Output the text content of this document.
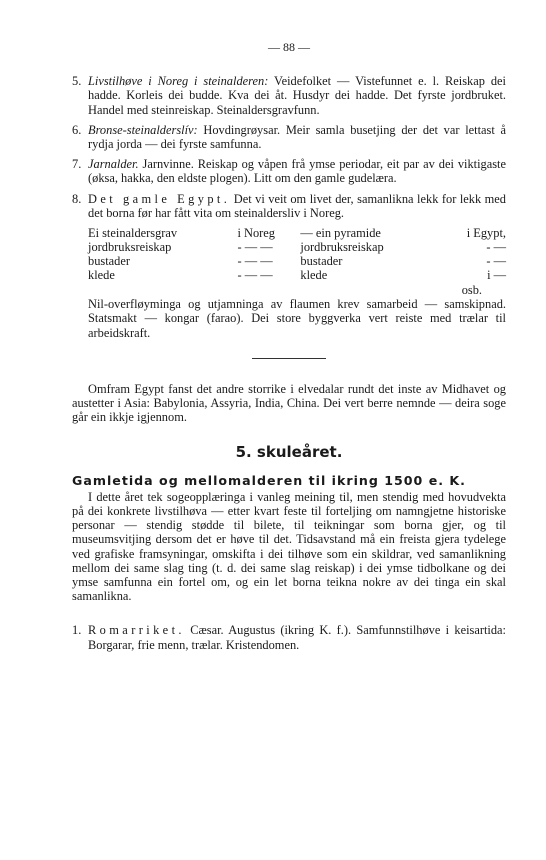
— 88 —
5. Livstilhøve i Noreg i steinalderen: Veidefolket — Vistefunnet e. l. Reiskap dei hadde. Korleis dei budde. Kva dei åt. Husdyr dei hadde. Det fyrste jordbruket. Handel med steinreiskap. Steinaldersgravfunn.

6. Bronse-steinalderslív: Hovdingrøysar. Meir samla busetjing der det var lettast å rydja jorda — dei fyrste samfunna.

7. Jarnalder. Jarnvinne. Reiskap og våpen frå ymse periodar, eit par av dei viktigaste (øksa, hakka, den eldste plogen). Litt om den gamle gudelæra.

8. Det gamle Egypt. Det vi veit om livet der, samanlikna lekk for lekk med det borna før har fått vita om steinaldersliv i Noreg.

Ei steinaldersgrav	i Noreg	— ein pyramide	i Egypt,
jordbruksreiskap	- — —	jordbruksreiskap	- —
bustader	- — —	bustader	- —
klede	- — —	klede	i —
osb.

Nil-overfløyminga og utjamninga av flaumen krev samarbeid — samskipnad. Statsmakt — kongar (farao). Dei store byggverka vert reiste med trælar til arbeidskraft.

Omfram Egypt fanst det andre storrike i elvedalar rundt det inste av Midhavet og austetter i Asia: Babylonia, Assyria, India, China. Dei vert berre nemnde — deira soge går ein ikkje igjennom.

5. skuleåret.
Gamletida og mellomalderen til ikring 1500 e. K.

I dette året tek sogeopplæringa i vanleg meining til, men stendig med hovudvekta på dei konkrete livstilhøva — etter kvart feste til forteljing om namngjetne historiske personar — stendig stødde til bilete, til teikningar som borna gjer, og til museumsvitjing dersom det er høve til det. Tidsavstand må ein freista gjera tydelege ved grafiske framsyningar, omskifta i dei tilhøve som ein skildrar, ved samanlikning mellom dei same slag ting (t. d. dei same slag reiskap) i dei ymse tidbolkane og dei ymse samfunna ein fortel om, og ein let borna teikna nokre av dei tinga ein skal samanlikna.

1. Romarriket. Cæsar. Augustus (ikring K. f.). Samfunnstilhøve i keisartida: Borgarar, frie menn, trælar. Kristendomen.
